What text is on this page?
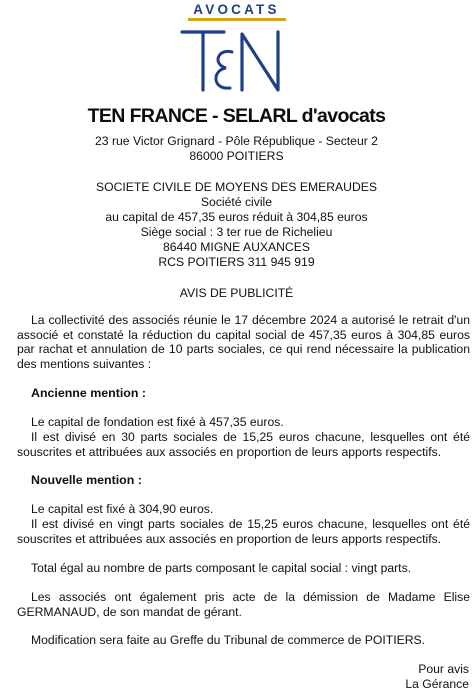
AVOCATS
TEN
TEN FRANCE - SELARL d'avocats
23 rue Victor Grignard - Pôle République - Secteur 2
86000 POITIERS
SOCIETE CIVILE DE MOYENS DES EMERAUDES
Société civile
au capital de 457,35 euros réduit à 304,85 euros
Siège social : 3 ter rue de Richelieu
86440 MIGNE AUXANCES
RCS POITIERS 311 945 919
AVIS DE PUBLICITÉ
La collectivité des associés réunie le 17 décembre 2024 a autorisé le retrait d'un associé et constaté la réduction du capital social de 457,35 euros à 304,85 euros par rachat et annulation de 10 parts sociales, ce qui rend nécessaire la publication des mentions suivantes :
Ancienne mention :
Le capital de fondation est fixé à 457,35 euros.
Il est divisé en 30 parts sociales de 15,25 euros chacune, lesquelles ont été souscrites et attribuées aux associés en proportion de leurs apports respectifs.
Nouvelle mention :
Le capital est fixé à 304,90 euros.
Il est divisé en vingt parts sociales de 15,25 euros chacune, lesquelles ont été souscrites et attribuées aux associés en proportion de leurs apports respectifs.
Total égal au nombre de parts composant le capital social : vingt parts.
Les associés ont également pris acte de la démission de Madame Elise GERMANAUD, de son mandat de gérant.
Modification sera faite au Greffe du Tribunal de commerce de POITIERS.
Pour avis
La Gérance
